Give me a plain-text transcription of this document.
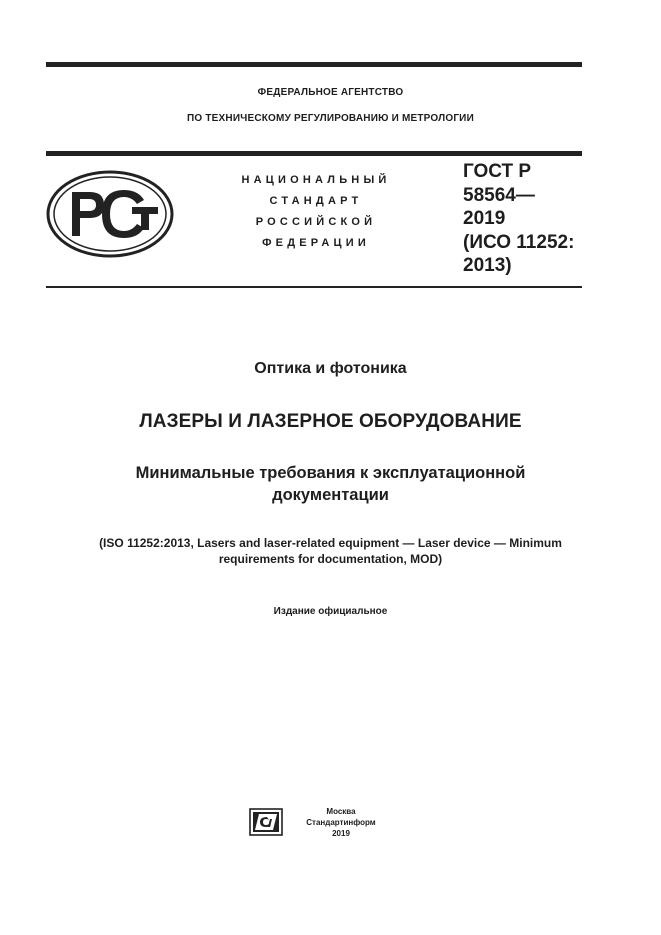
​
ФЕДЕРАЛЬНОЕ АГЕНТСТВО
ПО ТЕХНИЧЕСКОМУ РЕГУЛИРОВАНИЮ И МЕТРОЛОГИИ
НАЦИОНАЛЬНЫЙ
СТАНДАРТ
РОССИЙСКОЙ
ФЕДЕРАЦИИ
ГОСТ Р
58564—
2019
(ИСО 11252:
2013)
Оптика и фотоника
ЛАЗЕРЫ И ЛАЗЕРНОЕ ОБОРУДОВАНИЕ
Минимальные требования к эксплуатационной
документации
(ISO 11252:2013, Lasers and laser-related equipment — Laser device — Minimum
requirements for documentation, MOD)
Издание официальное
Москва
Стандартинформ
2019
